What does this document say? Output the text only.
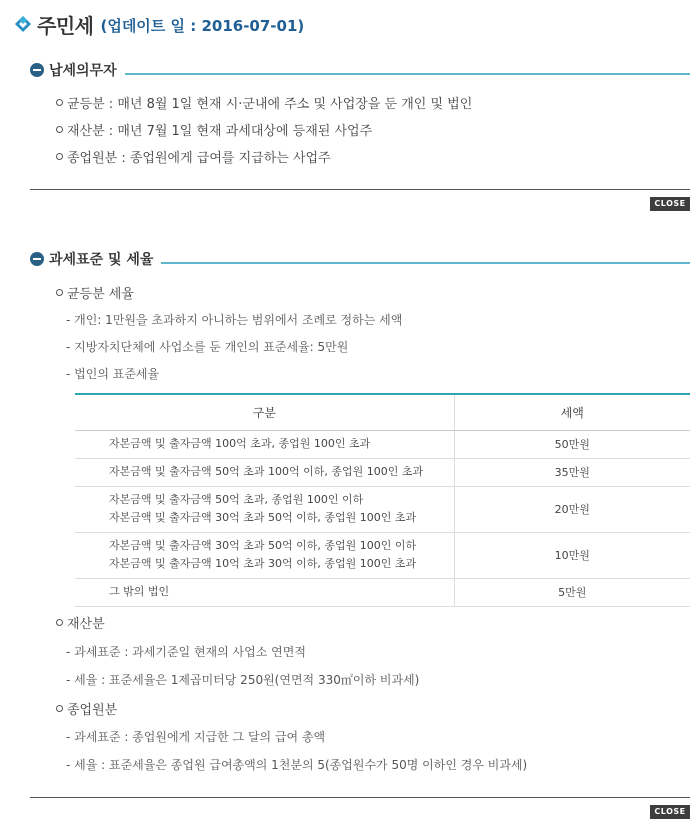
주민세 (업데이트 일 : 2016-07-01)
납세의무자
균등분 : 매년 8월 1일 현재 시·군내에 주소 및 사업장을 둔 개인 및 법인
재산분 : 매년 7월 1일 현재 과세대상에 등재된 사업주
종업원분 : 종업원에게 급여를 지급하는 사업주
CLOSE
과세표준 및 세율
균등분 세율
- 개인: 1만원을 초과하지 아니하는 범위에서 조례로 정하는 세액
- 지방자치단체에 사업소를 둔 개인의 표준세율: 5만원
- 법인의 표준세율
구분	세액

자본금액 및 출자금액 100억 초과, 종업원 100인 초과	50만원

자본금액 및 출자금액 50억 초과 100억 이하, 종업원 100인 초과	35만원

자본금액 및 출자금액 50억 초과, 종업원 100인 이하
자본금액 및 출자금액 30억 초과 50억 이하, 종업원 100인 초과	20만원

자본금액 및 출자금액 30억 초과 50억 이하, 종업원 100인 이하
자본금액 및 출자금액 10억 초과 30억 이하, 종업원 100인 초과	10만원

그 밖의 법인	5만원
재산분
- 과세표준 : 과세기준일 현재의 사업소 연면적
- 세율 : 표준세율은 1제곱미터당 250원(연면적 330㎡이하 비과세)
종업원분
- 과세표준 : 종업원에게 지급한 그 달의 급여 총액
- 세율 : 표준세율은 종업원 급여총액의 1천분의 5(종업원수가 50명 이하인 경우 비과세)
CLOSE
